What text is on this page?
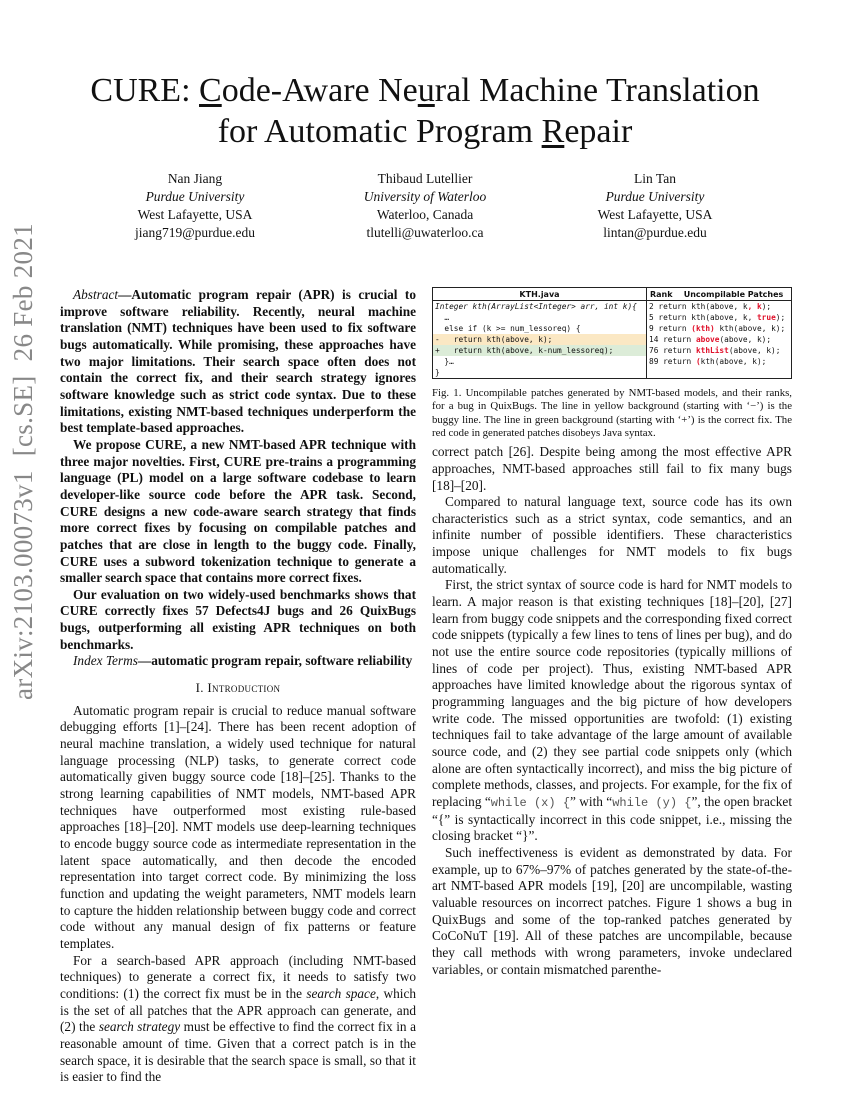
CURE: Code-Aware Neural Machine Translation
for Automatic Program Repair
Nan Jiang
Purdue University
West Lafayette, USA
jiang719@purdue.edu
Thibaud Lutellier
University of Waterloo
Waterloo, Canada
tlutelli@uwaterloo.ca
Lin Tan
Purdue University
West Lafayette, USA
lintan@purdue.edu
arXiv:2103.00073v1  [cs.SE]  26 Feb 2021	Abstract—Automatic program repair (APR) is crucial to improve software reliability. Recently, neural machine translation (NMT) techniques have been used to fix software bugs automatically. While promising, these approaches have two major limitations. Their search space often does not contain the correct fix, and their search strategy ignores software knowledge such as strict code syntax. Due to these limitations, existing NMT-based techniques underperform the best template-based approaches.

We propose CURE, a new NMT-based APR technique with three major novelties. First, CURE pre-trains a programming language (PL) model on a large software codebase to learn developer-like source code before the APR task. Second, CURE designs a new code-aware search strategy that finds more correct fixes by focusing on compilable patches and patches that are close in length to the buggy code. Finally, CURE uses a subword tokenization technique to generate a smaller search space that contains more correct fixes.

Our evaluation on two widely-used benchmarks shows that CURE correctly fixes 57 Defects4J bugs and 26 QuixBugs bugs, outperforming all existing APR techniques on both benchmarks.

Index Terms—automatic program repair, software reliability

I. Introduction

Automatic program repair is crucial to reduce manual software debugging efforts [1]–[24]. There has been recent adoption of neural machine translation, a widely used technique for natural language processing (NLP) tasks, to generate correct code automatically given buggy source code [18]–[25]. Thanks to the strong learning capabilities of NMT models, NMT-based APR techniques have outperformed most existing rule-based approaches [18]–[20]. NMT models use deep-learning techniques to encode buggy source code as intermediate representation in the latent space automatically, and then decode the encoded representation into target correct code. By minimizing the loss function and updating the weight parameters, NMT models learn to capture the hidden relationship between buggy code and correct code without any manual design of fix patterns or feature templates.

For a search-based APR approach (including NMT-based techniques) to generate a correct fix, it needs to satisfy two conditions: (1) the correct fix must be in the search space, which is the set of all patches that the APR approach can generate, and (2) the search strategy must be effective to find the correct fix in a reasonable amount of time. Given that a correct patch is in the search space, it is desirable that the search space is small, so that it is easier to find the

KTH.java
Integer kth(ArrayList<Integer> arr, int k){
…
else if (k >= num_lessoreq) {
-   return kth(above, k);
+   return kth(above, k-num_lessoreq);
}…
}
Rank Uncompilable Patches
2 return kth(above, k, k);
5 return kth(above, k, true);
9 return (kth) kth(above, k);
14 return above(above, k);
76 return kthList(above, k);
89 return (kth(above, k);
Fig. 1. Uncompilable patches generated by NMT-based models, and their ranks, for a bug in QuixBugs. The line in yellow background (starting with ‘−’) is the buggy line. The line in green background (starting with ‘+’) is the correct fix. The red code in generated patches disobeys Java syntax.

correct patch [26]. Despite being among the most effective APR approaches, NMT-based approaches still fail to fix many bugs [18]–[20].

Compared to natural language text, source code has its own characteristics such as a strict syntax, code semantics, and an infinite number of possible identifiers. These characteristics impose unique challenges for NMT models to fix bugs automatically.

First, the strict syntax of source code is hard for NMT models to learn. A major reason is that existing techniques [18]–[20], [27] learn from buggy code snippets and the corresponding fixed correct code snippets (typically a few lines to tens of lines per bug), and do not use the entire source code repositories (typically millions of lines of code per project). Thus, existing NMT-based APR approaches have limited knowledge about the rigorous syntax of programming languages and the big picture of how developers write code. The missed opportunities are twofold: (1) existing techniques fail to take advantage of the large amount of available source code, and (2) they see partial code snippets only (which alone are often syntactically incorrect), and miss the big picture of complete methods, classes, and projects. For example, for the fix of replacing “while (x) {” with “while (y) {”, the open bracket “{” is syntactically incorrect in this code snippet, i.e., missing the closing bracket “}”.

Such ineffectiveness is evident as demonstrated by data. For example, up to 67%–97% of patches generated by the state-of-the-art NMT-based APR models [19], [20] are uncompilable, wasting valuable resources on incorrect patches. Figure 1 shows a bug in QuixBugs and some of the top-ranked patches generated by CoCoNuT [19]. All of these patches are uncompilable, because they call methods with wrong parameters, invoke undeclared variables, or contain mismatched parenthe-
